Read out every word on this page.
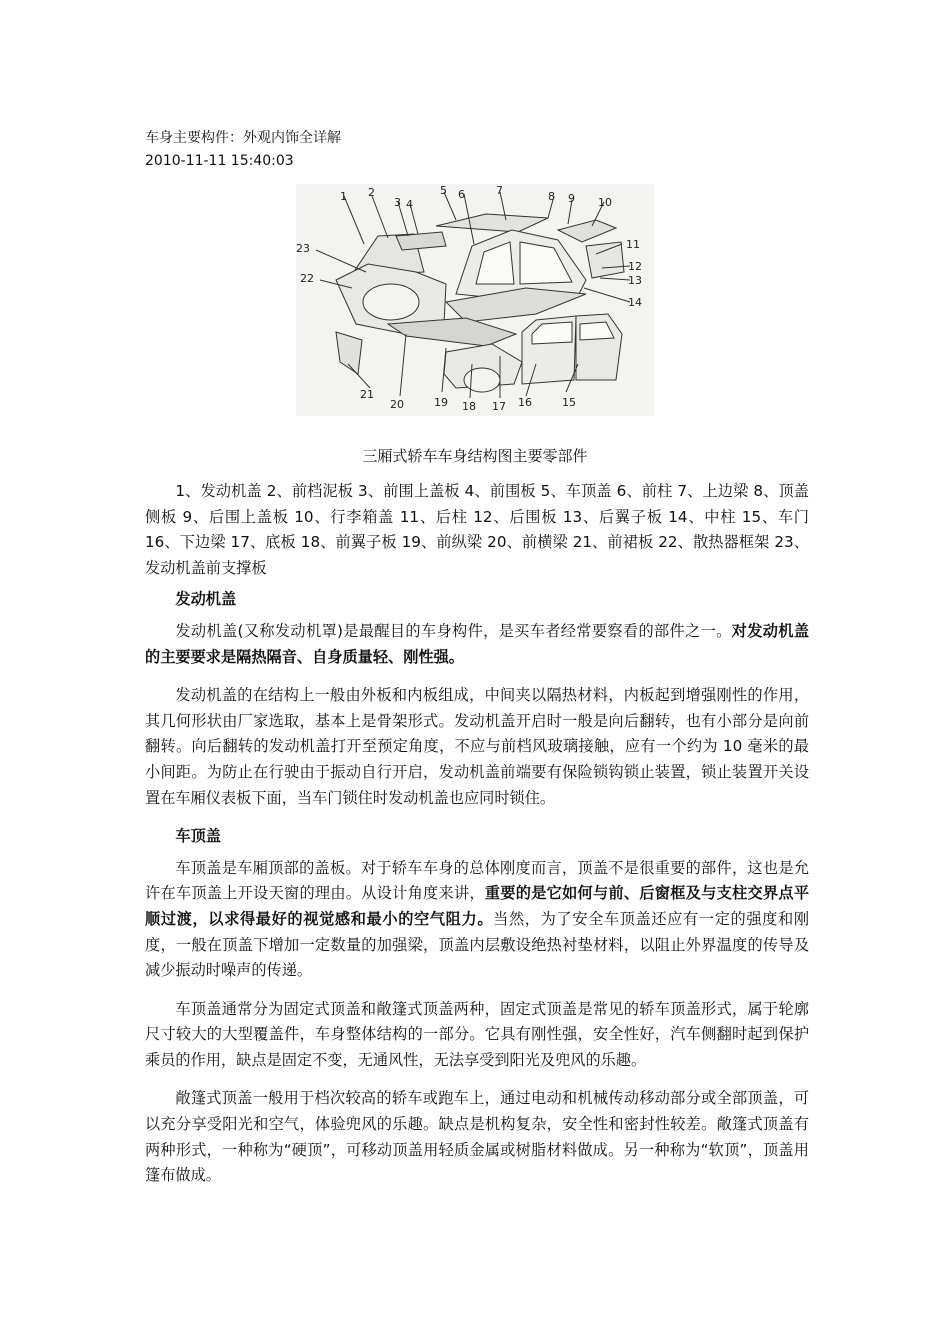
车身主要构件：外观内饰全详解
2010-11-11 15:40:03
1 2
3 4
5 6	7	8 9 10
11
12
13
14
15
16
17
18
19
20
21
22
23
三厢式轿车车身结构图主要零部件

1、发动机盖 2、前档泥板 3、前围上盖板 4、前围板 5、车顶盖 6、前柱 7、上边梁 8、顶盖侧板 9、后围上盖板 10、行李箱盖 11、后柱 12、后围板 13、后翼子板 14、中柱 15、车门 16、下边梁 17、底板 18、前翼子板 19、前纵梁 20、前横梁 21、前裙板 22、散热器框架 23、发动机盖前支撑板

发动机盖

发动机盖(又称发动机罩)是最醒目的车身构件，是买车者经常要察看的部件之一。对发动机盖的主要要求是隔热隔音、自身质量轻、刚性强。

发动机盖的在结构上一般由外板和内板组成，中间夹以隔热材料，内板起到增强刚性的作用，其几何形状由厂家选取，基本上是骨架形式。发动机盖开启时一般是向后翻转，也有小部分是向前翻转。向后翻转的发动机盖打开至预定角度，不应与前档风玻璃接触，应有一个约为 10 毫米的最小间距。为防止在行驶由于振动自行开启，发动机盖前端要有保险锁钩锁止装置，锁止装置开关设置在车厢仪表板下面，当车门锁住时发动机盖也应同时锁住。

车顶盖

车顶盖是车厢顶部的盖板。对于轿车车身的总体刚度而言，顶盖不是很重要的部件，这也是允许在车顶盖上开设天窗的理由。从设计角度来讲，重要的是它如何与前、后窗框及与支柱交界点平顺过渡，以求得最好的视觉感和最小的空气阻力。当然，为了安全车顶盖还应有一定的强度和刚度，一般在顶盖下增加一定数量的加强梁，顶盖内层敷设绝热衬垫材料，以阻止外界温度的传导及减少振动时噪声的传递。

车顶盖通常分为固定式顶盖和敞篷式顶盖两种，固定式顶盖是常见的轿车顶盖形式，属于轮廓尺寸较大的大型覆盖件，车身整体结构的一部分。它具有刚性强，安全性好，汽车侧翻时起到保护乘员的作用，缺点是固定不变，无通风性，无法享受到阳光及兜风的乐趣。

敞篷式顶盖一般用于档次较高的轿车或跑车上，通过电动和机械传动移动部分或全部顶盖，可以充分享受阳光和空气，体验兜风的乐趣。缺点是机构复杂，安全性和密封性较差。敞篷式顶盖有两种形式，一种称为“硬顶”，可移动顶盖用轻质金属或树脂材料做成。另一种称为“软顶”，顶盖用篷布做成。
